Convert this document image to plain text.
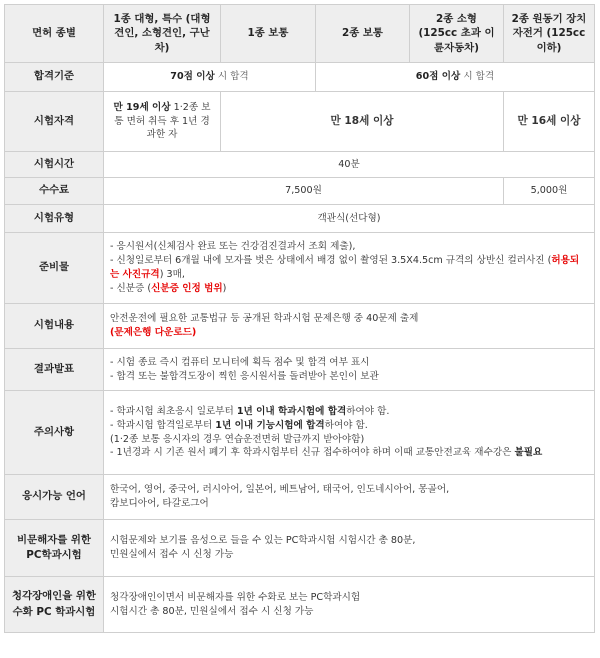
면허 종별	1종 대형, 특수 (대형견인, 소형견인, 구난차)	1종 보통	2종 보통	2종 소형 (125cc 초과 이륜자동차)	2종 원동기 장치자전거 (125cc 이하)
합격기준	70점 이상 시 합격		60점 이상 시 합격		
시험자격	만 19세 이상 1·2종 보통 면허 취득 후 1년 경과한 자	만 18세 이상			만 16세 이상
시험시간	40분				
수수료	7,500원				5,000원
시험유형	객관식(선다형)				
준비물	- 응시원서(신체검사 완료 또는 건강검진결과서 조회 제출),
- 신청일로부터 6개월 내에 모자를 벗은 상태에서 배경 없이 촬영된 3.5X4.5cm 규격의 상반신 컬러사진 (허용되는 사진규격) 3매,
- 신분증 (신분증 인정 범위)				

시험내용	안전운전에 필요한 교통법규 등 공개된 학과시험 문제은행 중 40문제 출제
(문제은행 다운로드)				

결과발표	- 시험 종료 즉시 컴퓨터 모니터에 획득 점수 및 합격 여부 표시
- 합격 또는 불합격도장이 찍힌 응시원서를 돌려받아 본인이 보관				

주의사항	- 학과시험 최초응시 일로부터 1년 이내 학과시험에 합격하여야 함.
- 학과시험 합격일로부터 1년 이내 기능시험에 합격하여야 함.
(1·2종 보통 응시자의 경우 연습운전면허 발급까지 받아야함)
- 1년경과 시 기존 원서 폐기 후 학과시험부터 신규 접수하여야 하며 이때 교통안전교육 재수강은 불필요				

응시가능 언어	한국어, 영어, 중국어, 러시아어, 일본어, 베트남어, 태국어, 인도네시아어, 몽골어,
캄보디아어, 타갈로그어				

비문해자를 위한 PC학과시험	시험문제와 보기를 음성으로 들을 수 있는 PC학과시험 시험시간 총 80분,
민원실에서 접수 시 신청 가능				

청각장애인을 위한 수화 PC 학과시험	청각장애인이면서 비문해자를 위한 수화로 보는 PC학과시험
시험시간 총 80분, 민원실에서 접수 시 신청 가능				
